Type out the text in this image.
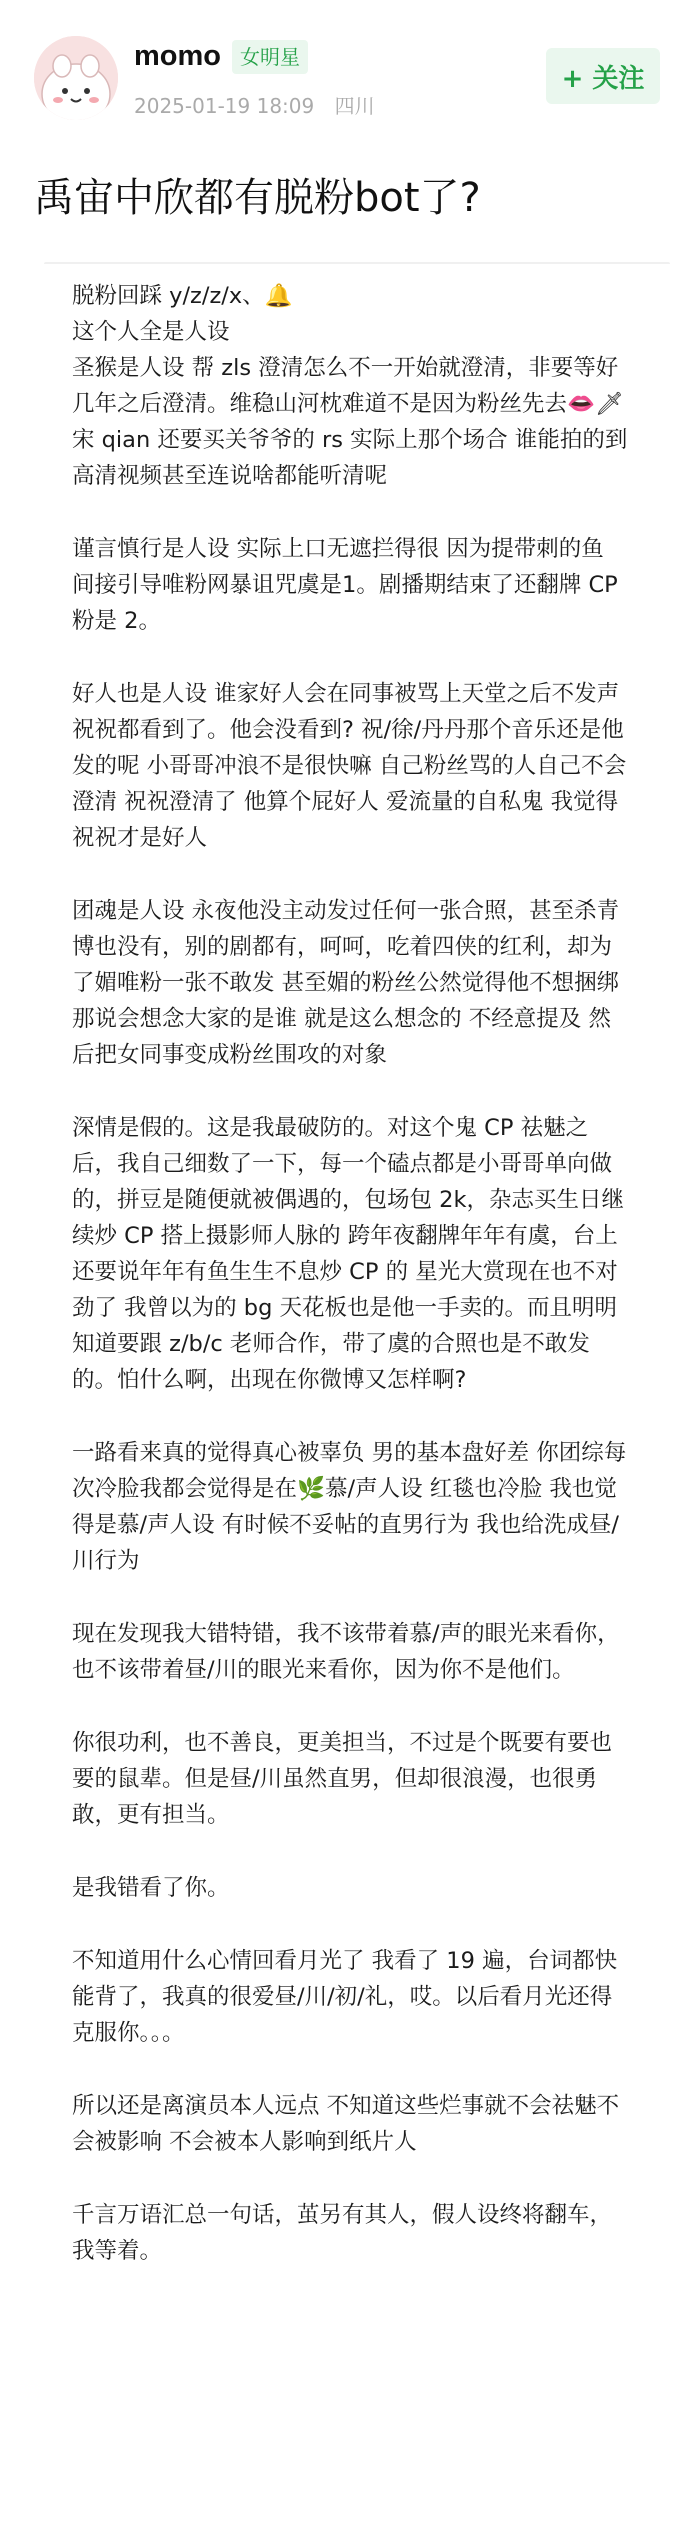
momo 女明星
2025-01-19 18:09 四川
+ 关注
禹宙中欣都有脱粉bot了?

脱粉回踩 y/z/z/x、🔔
这个人全是人设
圣猴是人设 帮 zls 澄清怎么不一开始就澄清，非要等好几年之后澄清。维稳山河枕难道不是因为粉丝先去👄🗡宋 qian 还要买关爷爷的 rs 实际上那个场合 谁能拍的到高清视频甚至连说啥都能听清呢

谨言慎行是人设 实际上口无遮拦得很 因为提带刺的鱼 间接引导唯粉网暴诅咒虞是1。剧播期结束了还翻牌 CP 粉是 2。

好人也是人设 谁家好人会在同事被骂上天堂之后不发声 祝祝都看到了。他会没看到? 祝/徐/丹丹那个音乐还是他发的呢 小哥哥冲浪不是很快嘛 自己粉丝骂的人自己不会澄清 祝祝澄清了 他算个屁好人 爱流量的自私鬼 我觉得祝祝才是好人

团魂是人设 永夜他没主动发过任何一张合照，甚至杀青博也没有，别的剧都有，呵呵，吃着四侠的红利，却为了媚唯粉一张不敢发 甚至媚的粉丝公然觉得他不想捆绑 那说会想念大家的是谁 就是这么想念的 不经意提及 然后把女同事变成粉丝围攻的对象

深情是假的。这是我最破防的。对这个鬼 CP 祛魅之后，我自己细数了一下，每一个磕点都是小哥哥单向做的，拼豆是随便就被偶遇的，包场包 2k，杂志买生日继续炒 CP 搭上摄影师人脉的 跨年夜翻牌年年有虞，台上还要说年年有鱼生生不息炒 CP 的 星光大赏现在也不对劲了 我曾以为的 bg 天花板也是他一手卖的。而且明明知道要跟 z/b/c 老师合作，带了虞的合照也是不敢发的。怕什么啊，出现在你微博又怎样啊?

一路看来真的觉得真心被辜负 男的基本盘好差 你团综每次冷脸我都会觉得是在🌿慕/声人设 红毯也冷脸 我也觉得是慕/声人设 有时候不妥帖的直男行为 我也给洗成昼/川行为

现在发现我大错特错，我不该带着慕/声的眼光来看你，也不该带着昼/川的眼光来看你，因为你不是他们。

你很功利，也不善良，更美担当，不过是个既要有要也要的鼠辈。但是昼/川虽然直男，但却很浪漫，也很勇敢，更有担当。

是我错看了你。

不知道用什么心情回看月光了 我看了 19 遍，台词都快能背了，我真的很爱昼/川/初/礼，哎。以后看月光还得克服你。。。

所以还是离演员本人远点 不知道这些烂事就不会祛魅不会被影响 不会被本人影响到纸片人

千言万语汇总一句话，茧另有其人，假人设终将翻车，我等着。
